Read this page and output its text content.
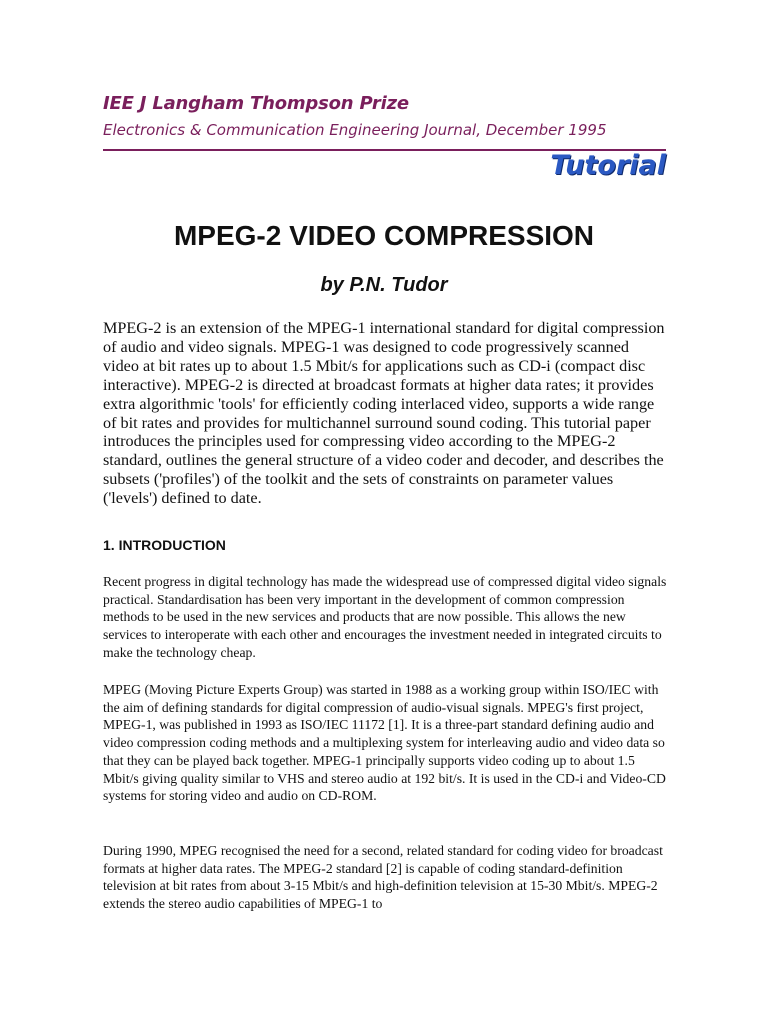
IEE J Langham Thompson Prize

Electronics & Communication Engineering Journal, December 1995

Tutorial

MPEG-2 VIDEO COMPRESSION
by P.N. Tudor

MPEG-2 is an extension of the MPEG-1 international standard for digital compression of audio and video signals. MPEG-1 was designed to code progressively scanned video at bit rates up to about 1.5 Mbit/s for applications such as CD-i (compact disc interactive). MPEG-2 is directed at broadcast formats at higher data rates; it provides extra algorithmic 'tools' for efficiently coding interlaced video, supports a wide range of bit rates and provides for multichannel surround sound coding. This tutorial paper introduces the principles used for compressing video according to the MPEG-2 standard, outlines the general structure of a video coder and decoder, and describes the subsets ('profiles') of the toolkit and the sets of constraints on parameter values ('levels') defined to date.

1. INTRODUCTION

Recent progress in digital technology has made the widespread use of compressed digital video signals practical. Standardisation has been very important in the development of common compression methods to be used in the new services and products that are now possible. This allows the new services to interoperate with each other and encourages the investment needed in integrated circuits to make the technology cheap.

MPEG (Moving Picture Experts Group) was started in 1988 as a working group within ISO/IEC with the aim of defining standards for digital compression of audio-visual signals. MPEG's first project, MPEG-1, was published in 1993 as ISO/IEC 11172 [1]. It is a three-part standard defining audio and video compression coding methods and a multiplexing system for interleaving audio and video data so that they can be played back together. MPEG-1 principally supports video coding up to about 1.5 Mbit/s giving quality similar to VHS and stereo audio at 192 bit/s. It is used in the CD-i and Video-CD systems for storing video and audio on CD-ROM.

During 1990, MPEG recognised the need for a second, related standard for coding video for broadcast formats at higher data rates. The MPEG-2 standard [2] is capable of coding standard-definition television at bit rates from about 3-15 Mbit/s and high-definition television at 15-30 Mbit/s. MPEG-2 extends the stereo audio capabilities of MPEG-1 to
